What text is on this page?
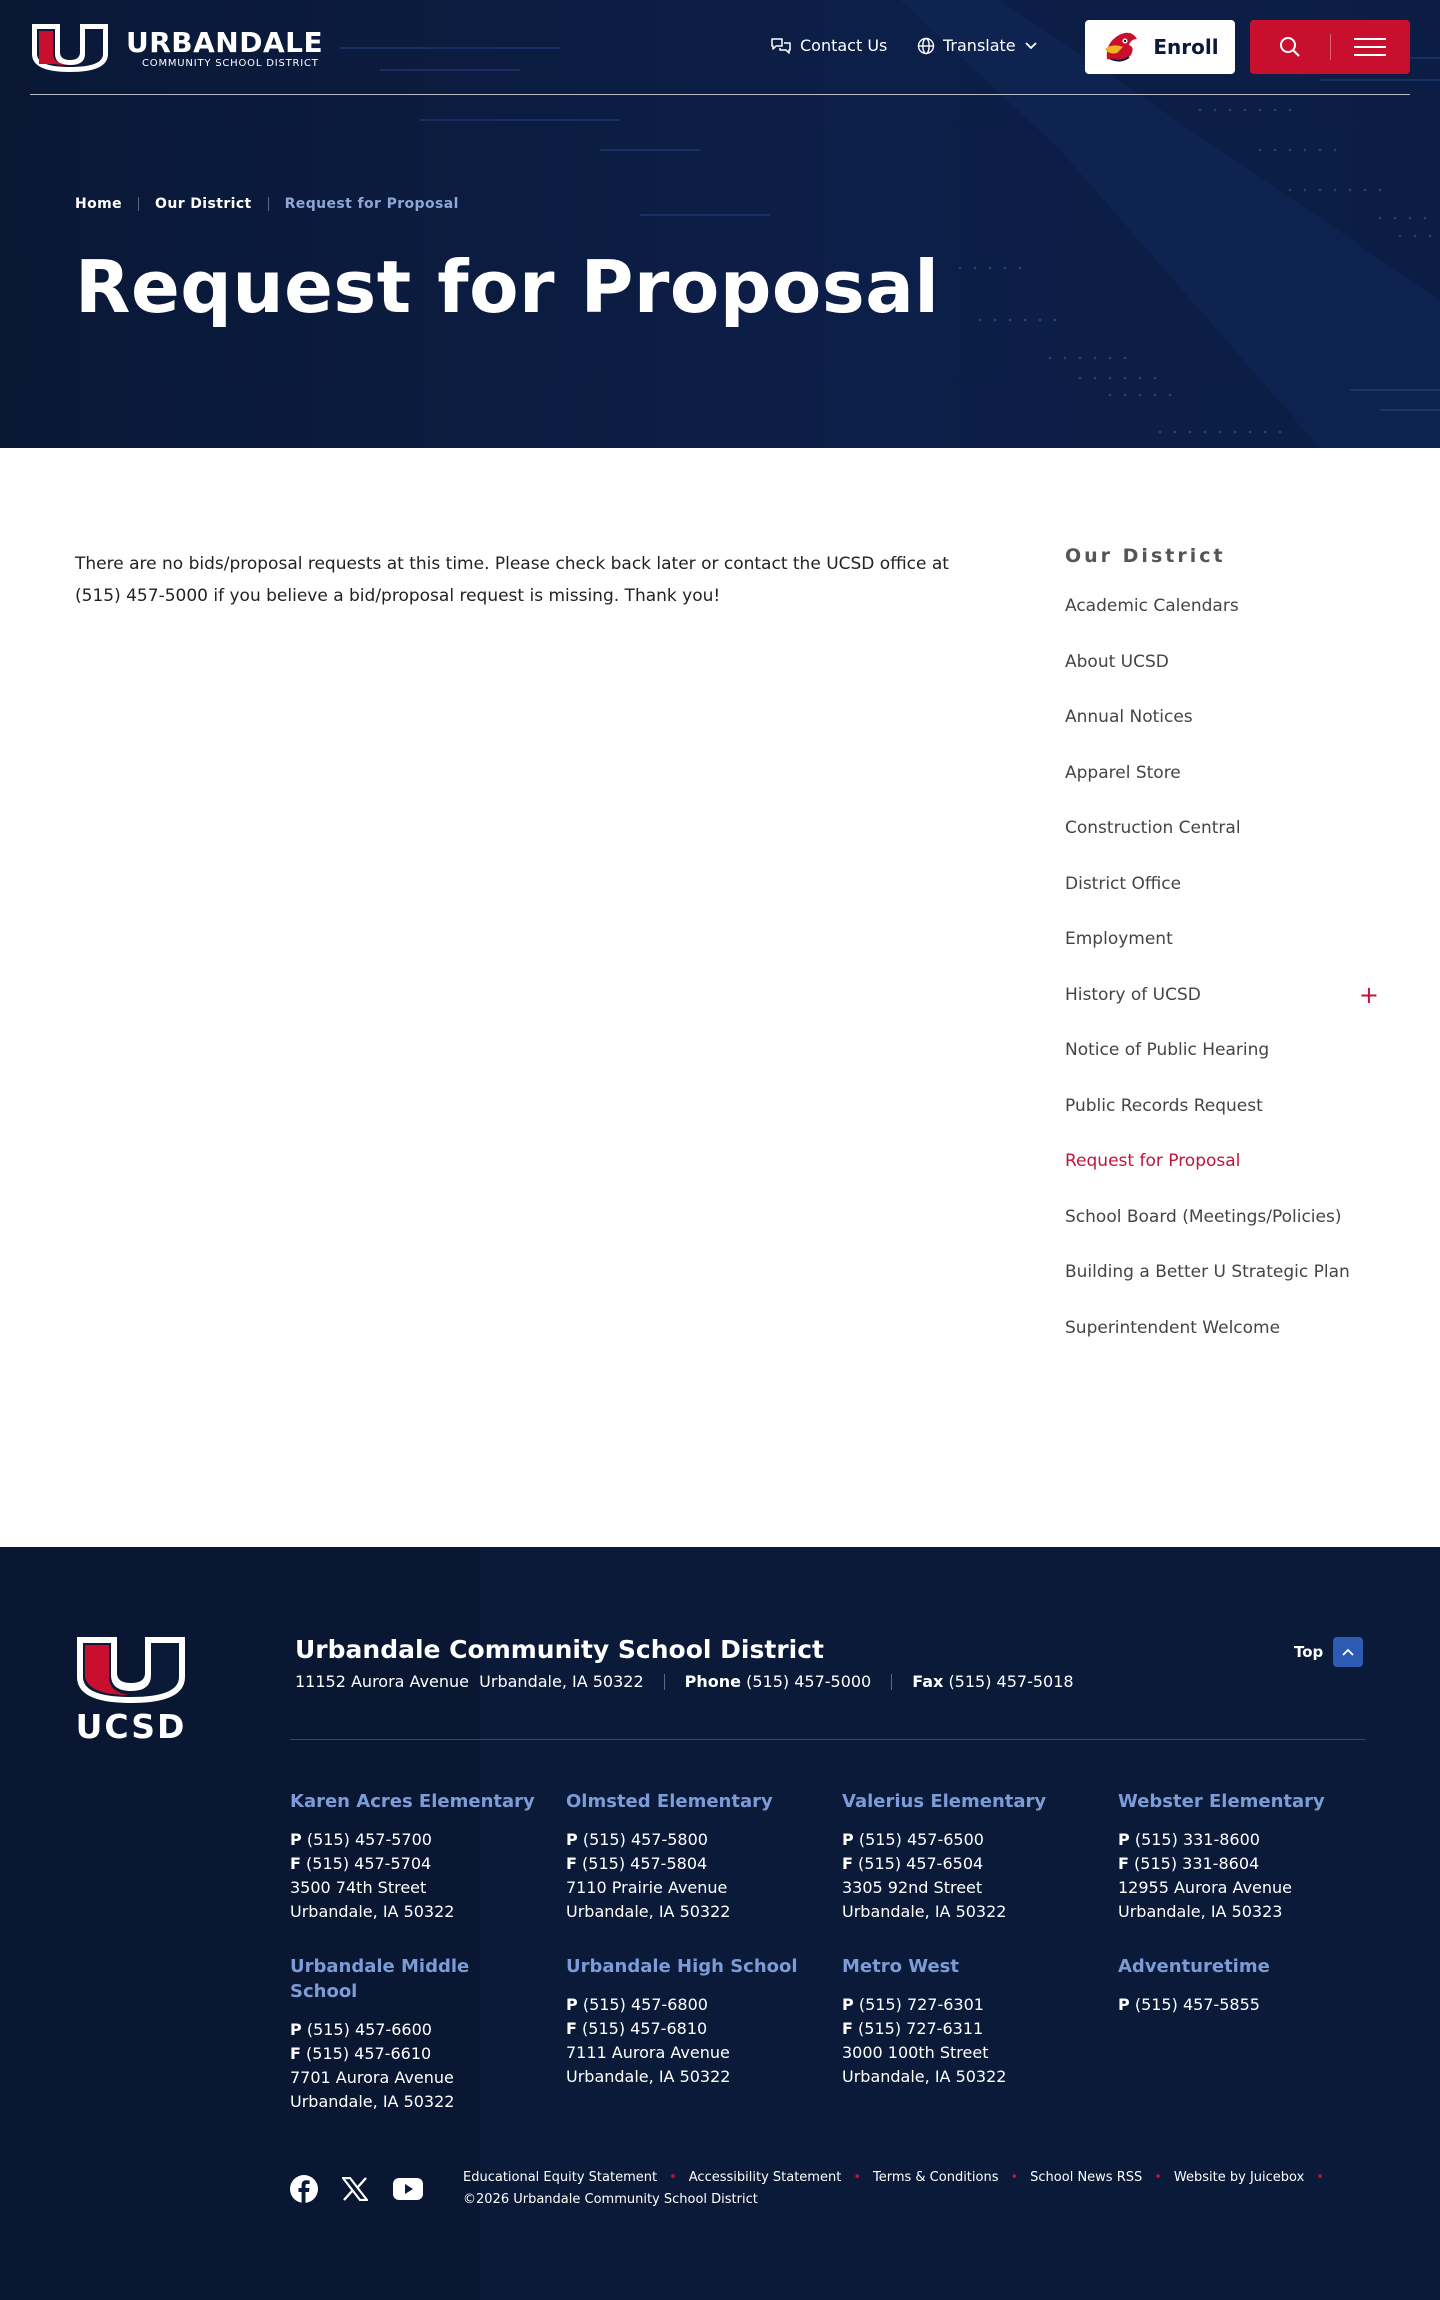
URBANDALE
COMMUNITY SCHOOL DISTRICT
Contact Us	Translate	Enroll
Home Our District Request for Proposal
Request for Proposal

There are no bids/proposal requests at this time. Please check back later or contact the UCSD office at (515) 457-5000 if you believe a bid/proposal request is missing. Thank you!

Our District
Academic Calendars
About UCSD
Annual Notices
Apparel Store
Construction Central
District Office
Employment
History of UCSD	+
Notice of Public Hearing
Public Records Request
Request for Proposal
School Board (Meetings/Policies)
Building a Better U Strategic Plan
Superintendent Welcome
UCSD
Urbandale Community School District
11152 Aurora Avenue  Urbandale, IA 50322	Phone
(515) 457-5000	Fax
(515) 457-5018
Top
Karen Acres Elementary
P (515) 457-5700
F (515) 457-5704
3500 74th Street
Urbandale, IA 50322
Olmsted Elementary
P (515) 457-5800
F (515) 457-5804
7110 Prairie Avenue
Urbandale, IA 50322
Valerius Elementary
P (515) 457-6500
F (515) 457-6504
3305 92nd Street
Urbandale, IA 50322
Webster Elementary
P (515) 331-8600
F (515) 331-8604
12955 Aurora Avenue
Urbandale, IA 50323
Urbandale Middle School
P (515) 457-6600
F (515) 457-6610
7701 Aurora Avenue
Urbandale, IA 50322
Urbandale High School
P (515) 457-6800
F (515) 457-6810
7111 Aurora Avenue
Urbandale, IA 50322
Metro West
P (515) 727-6301
F (515) 727-6311
3000 100th Street
Urbandale, IA 50322
Adventuretime
P (515) 457-5855
Educational Equity Statement • Accessibility Statement • Terms & Conditions • School News RSS • Website by Juicebox •
©2026 Urbandale Community School District
